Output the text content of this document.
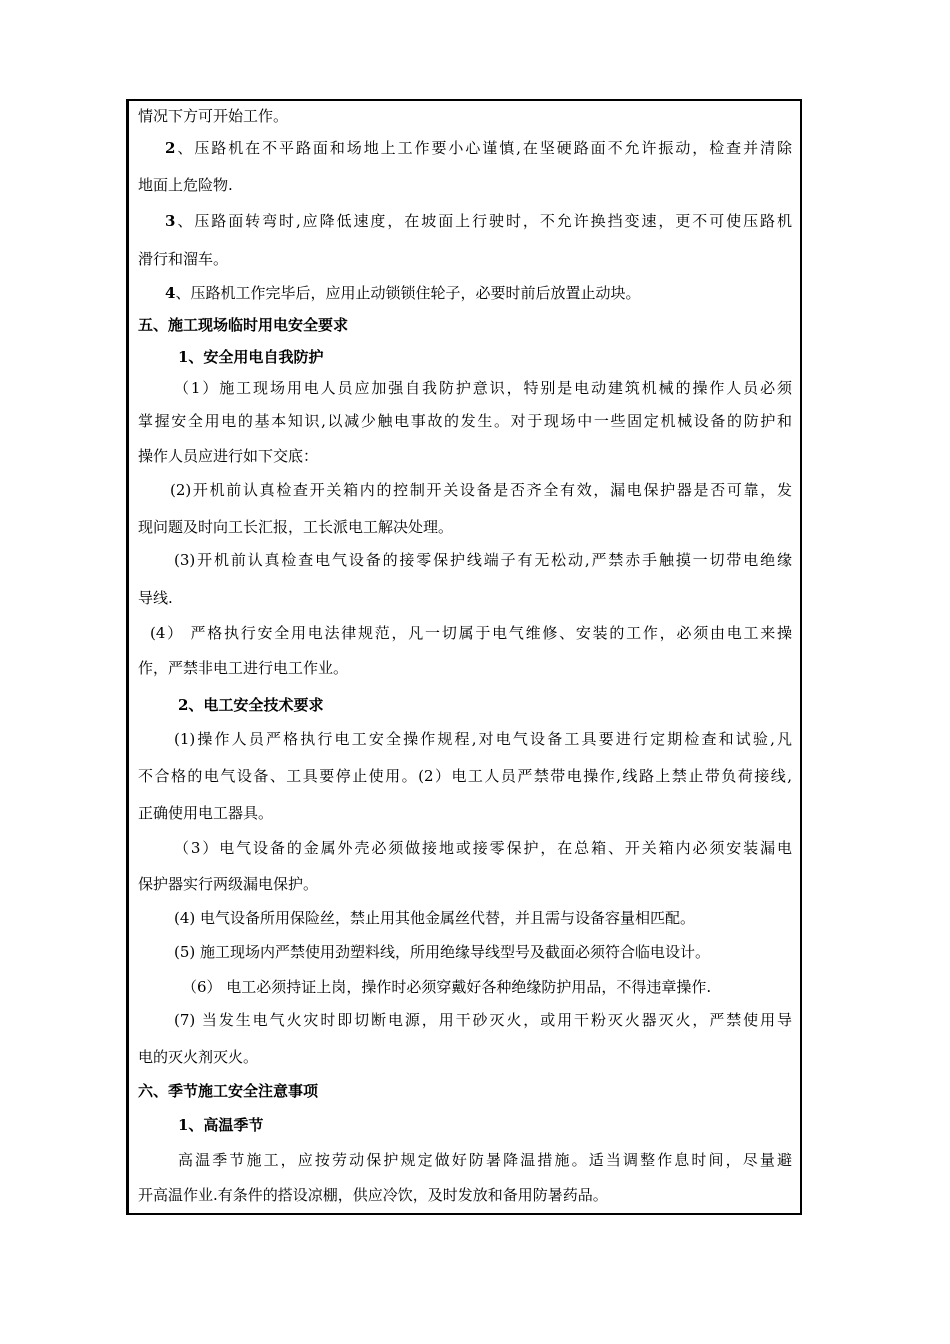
情况下方可开始工作。
2、压路机在不平路面和场地上工作要小心谨慎,在坚硬路面不允许振动，检查并清除
地面上危险物.
3、压路面转弯时,应降低速度，在坡面上行驶时，不允许换挡变速，更不可使压路机
滑行和溜车。
4、压路机工作完毕后，应用止动锁锁住轮子，必要时前后放置止动块。
五、施工现场临时用电安全要求
1、安全用电自我防护
（1）施工现场用电人员应加强自我防护意识，特别是电动建筑机械的操作人员必须
掌握安全用电的基本知识,以减少触电事故的发生。对于现场中一些固定机械设备的防护和
操作人员应进行如下交底：
(2)开机前认真检查开关箱内的控制开关设备是否齐全有效，漏电保护器是否可靠，发
现问题及时向工长汇报，工长派电工解决处理。
(3)开机前认真检查电气设备的接零保护线端子有无松动,严禁赤手触摸一切带电绝缘
导线.
(4） 严格执行安全用电法律规范，凡一切属于电气维修、安装的工作，必须由电工来操
作，严禁非电工进行电工作业。
2、电工安全技术要求
(1)操作人员严格执行电工安全操作规程,对电气设备工具要进行定期检查和试验,凡
不合格的电气设备、工具要停止使用。(2）电工人员严禁带电操作,线路上禁止带负荷接线,
正确使用电工器具。
（3）电气设备的金属外壳必须做接地或接零保护，在总箱、开关箱内必须安装漏电
保护器实行两级漏电保护。
(4) 电气设备所用保险丝，禁止用其他金属丝代替，并且需与设备容量相匹配。
(5) 施工现场内严禁使用劲塑料线，所用绝缘导线型号及截面必须符合临电设计。
（6） 电工必须持证上岗，操作时必须穿戴好各种绝缘防护用品，不得违章操作.
(7) 当发生电气火灾时即切断电源，用干砂灭火，或用干粉灭火器灭火，严禁使用导
电的灭火剂灭火。
六、季节施工安全注意事项
1、高温季节
高温季节施工，应按劳动保护规定做好防暑降温措施。适当调整作息时间，尽量避
开高温作业.有条件的搭设凉棚，供应冷饮，及时发放和备用防暑药品。
